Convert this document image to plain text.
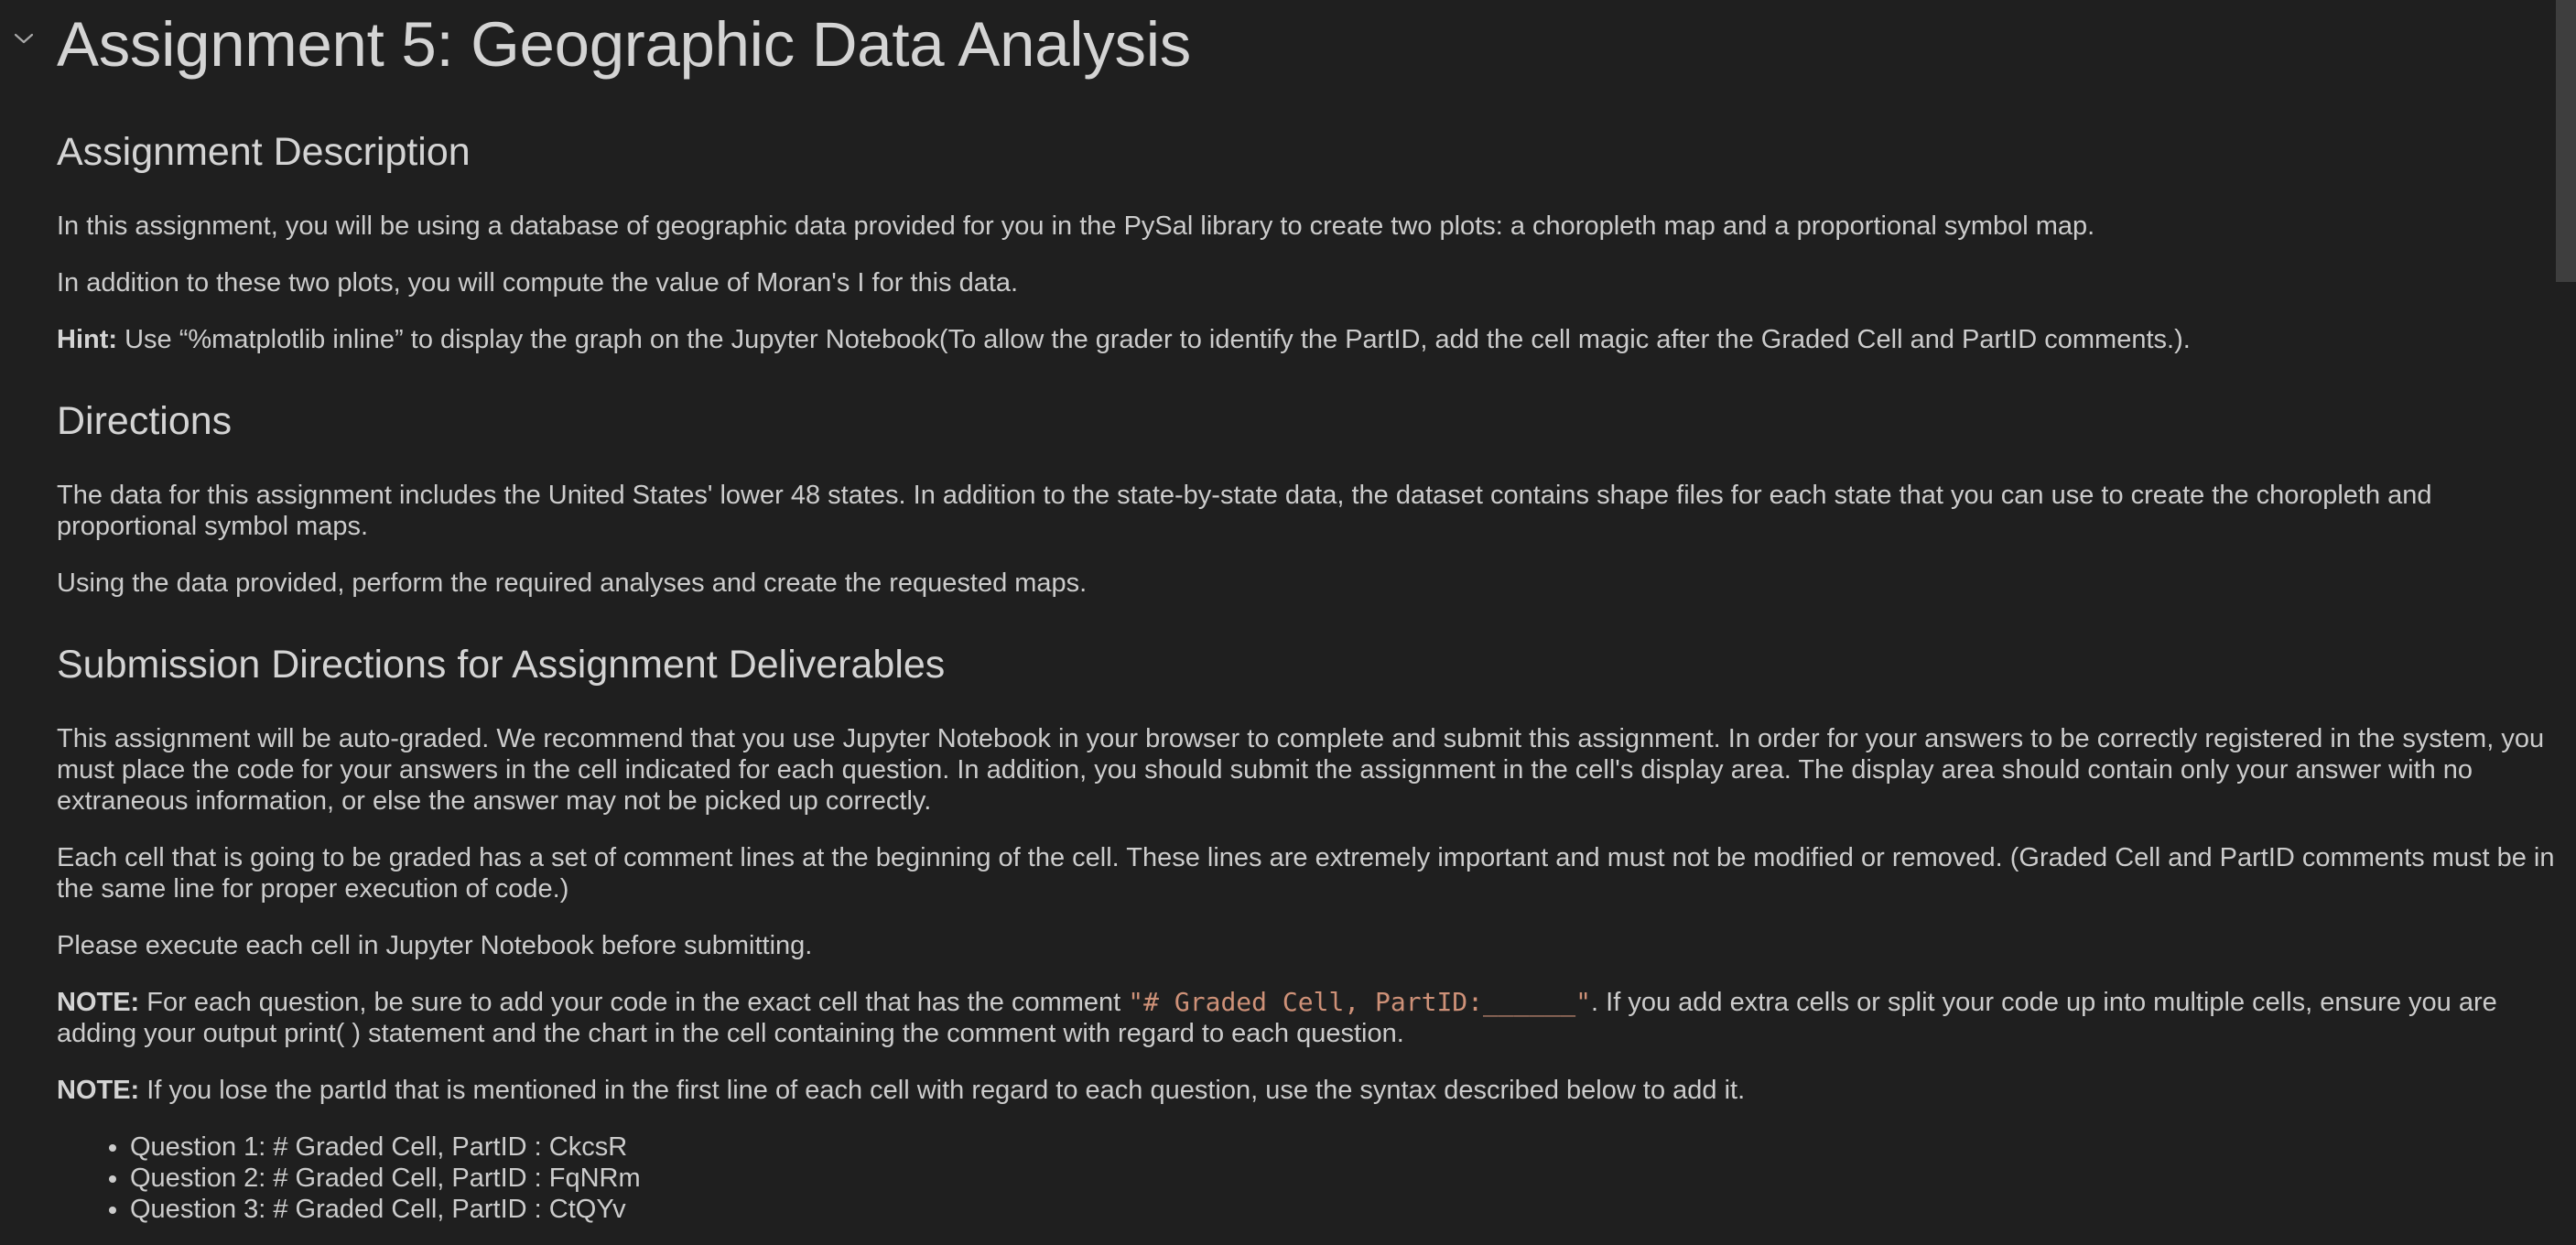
Assignment 5: Geographic Data Analysis
Assignment Description

In this assignment, you will be using a database of geographic data provided for you in the PySal library to create two plots: a choropleth map and a proportional symbol map.

In addition to these two plots, you will compute the value of Moran's I for this data.

Hint: Use “%matplotlib inline” to display the graph on the Jupyter Notebook(To allow the grader to identify the PartID, add the cell magic after the Graded Cell and PartID comments.).

Directions

The data for this assignment includes the United States' lower 48 states. In addition to the state-by-state data, the dataset contains shape files for each state that you can use to create the choropleth and proportional symbol maps.

Using the data provided, perform the required analyses and create the requested maps.

Submission Directions for Assignment Deliverables

This assignment will be auto-graded. We recommend that you use Jupyter Notebook in your browser to complete and submit this assignment. In order for your answers to be correctly registered in the system, you must place the code for your answers in the cell indicated for each question. In addition, you should submit the assignment in the cell's display area. The display area should contain only your answer with no extraneous information, or else the answer may not be picked up correctly.

Each cell that is going to be graded has a set of comment lines at the beginning of the cell. These lines are extremely important and must not be modified or removed. (Graded Cell and PartID comments must be in the same line for proper execution of code.)

Please execute each cell in Jupyter Notebook before submitting.

NOTE: For each question, be sure to add your code in the exact cell that has the comment "# Graded Cell, PartID:______". If you add extra cells or split your code up into multiple cells, ensure you are adding your output print( ) statement and the chart in the cell containing the comment with regard to each question.

NOTE: If you lose the partId that is mentioned in the first line of each cell with regard to each question, use the syntax described below to add it.

• Question 1: # Graded Cell, PartID : CkcsR
• Question 2: # Graded Cell, PartID : FqNRm
• Question 3: # Graded Cell, PartID : CtQYv
